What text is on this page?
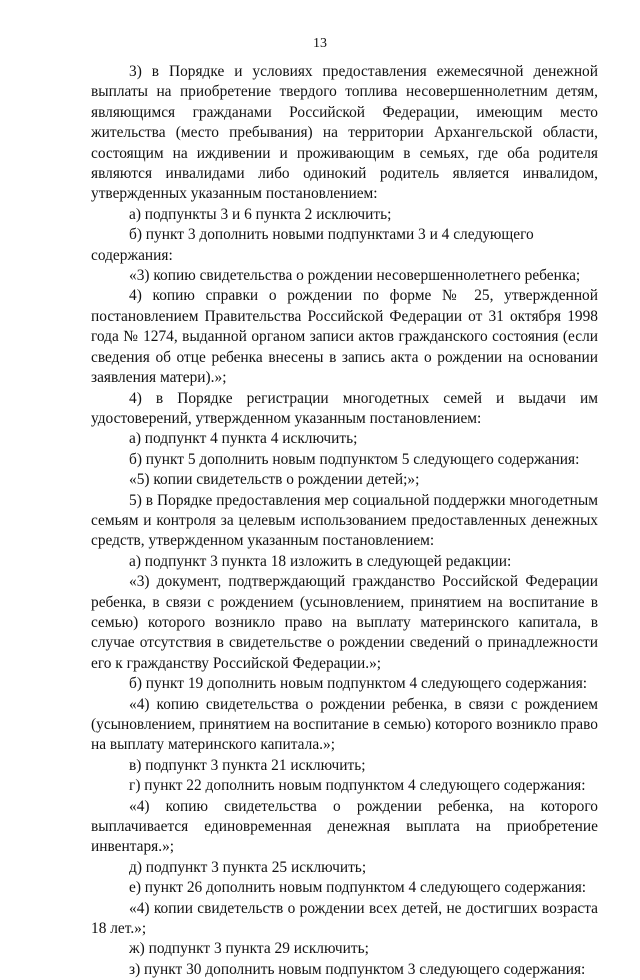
13

3) в Порядке и условиях предоставления ежемесячной денежной выплаты на приобретение твердого топлива несовершеннолетним детям, являющимся гражданами Российской Федерации, имеющим место жительства (место пребывания) на территории Архангельской области, состоящим на иждивении и проживающим в семьях, где оба родителя являются инвалидами либо одинокий родитель является инвалидом, утвержденных указанным постановлением:

а) подпункты 3 и 6 пункта 2 исключить;

б) пункт 3 дополнить новыми подпунктами 3 и 4 следующего содержания:

«3) копию свидетельства о рождении несовершеннолетнего ребенка;

4) копию справки о рождении по форме № 25, утвержденной постановлением Правительства Российской Федерации от 31 октября 1998 года № 1274, выданной органом записи актов гражданского состояния (если сведения об отце ребенка внесены в запись акта о рождении на основании заявления матери).»;

4) в Порядке регистрации многодетных семей и выдачи им удостоверений, утвержденном указанным постановлением:

а) подпункт 4 пункта 4 исключить;

б) пункт 5 дополнить новым подпунктом 5 следующего содержания:

«5) копии свидетельств о рождении детей;»;

5) в Порядке предоставления мер социальной поддержки многодетным семьям и контроля за целевым использованием предоставленных денежных средств, утвержденном указанным постановлением:

а) подпункт 3 пункта 18 изложить в следующей редакции:

«3) документ, подтверждающий гражданство Российской Федерации ребенка, в связи с рождением (усыновлением, принятием на воспитание в семью) которого возникло право на выплату материнского капитала, в случае отсутствия в свидетельстве о рождении сведений о принадлежности его к гражданству Российской Федерации.»;

б) пункт 19 дополнить новым подпунктом 4 следующего содержания:

«4) копию свидетельства о рождении ребенка, в связи с рождением (усыновлением, принятием на воспитание в семью) которого возникло право на выплату материнского капитала.»;

в) подпункт 3 пункта 21 исключить;

г) пункт 22 дополнить новым подпунктом 4 следующего содержания:

«4) копию свидетельства о рождении ребенка, на которого выплачивается единовременная денежная выплата на приобретение инвентаря.»;

д) подпункт 3 пункта 25 исключить;

е) пункт 26 дополнить новым подпунктом 4 следующего содержания:

«4) копии свидетельств о рождении всех детей, не достигших возраста 18 лет.»;

ж) подпункт 3 пункта 29 исключить;

з) пункт 30 дополнить новым подпунктом 3 следующего содержания:
